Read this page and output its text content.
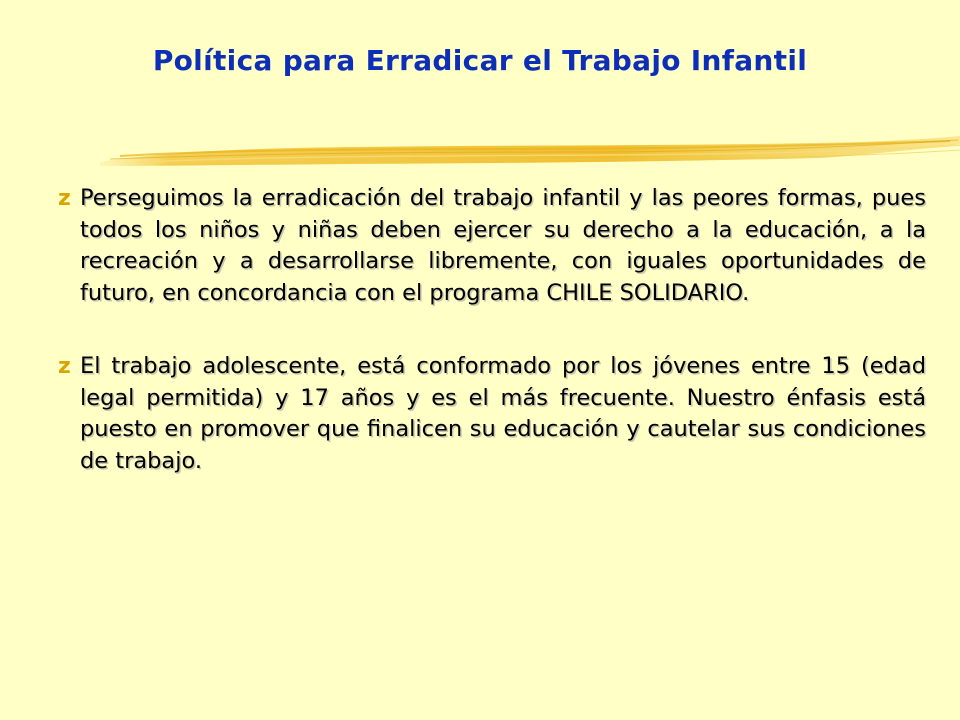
Política para Erradicar el Trabajo Infantil
z Perseguimos la erradicación del trabajo infantil y las peores formas, pues todos los niños y niñas deben ejercer su derecho a la educación, a la recreación y a desarrollarse libremente, con iguales oportunidades de futuro, en concordancia con el programa CHILE SOLIDARIO.
z El trabajo adolescente, está conformado por los jóvenes entre 15 (edad legal permitida) y 17 años y es el más frecuente. Nuestro énfasis está puesto en promover que finalicen su educación y cautelar sus condiciones de trabajo.
